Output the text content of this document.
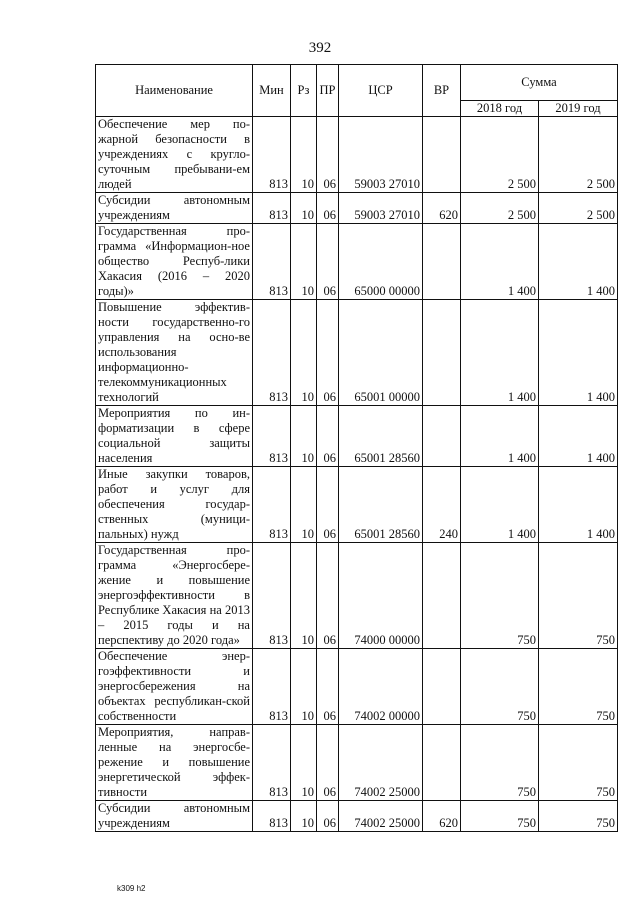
392
Наименование	Мин	Рз	ПР	ЦСР	ВР	Сумма	
						2018 год	2019 год
Обеспечение мер по-жарной безопасности в учреждениях с кругло-суточным пребывани-ем людей	813	10	06	59003 27010		2 500	2 500
Субсидии автономным учреждениям	813	10	06	59003 27010	620	2 500	2 500
Государственная про-грамма «Информацион-ное общество Респуб-лики Хакасия (2016 – 2020 годы)»	813	10	06	65000 00000		1 400	1 400
Повышение эффектив-ности государственно-го управления на осно-ве использования информационно-телекоммуникационных технологий	813	10	06	65001 00000		1 400	1 400
Мероприятия по ин-форматизации в сфере социальной защиты населения	813	10	06	65001 28560		1 400	1 400
Иные закупки товаров, работ и услуг для обеспечения государ-ственных (муници-пальных) нужд	813	10	06	65001 28560	240	1 400	1 400
Государственная про-грамма «Энергосбере-жение и повышение энергоэффективности в Республике Хакасия на 2013 – 2015 годы и на перспективу до 2020 года»	813	10	06	74000 00000		750	750
Обеспечение энер-гоэффективности и энергосбережения на объектах республикан-ской собственности	813	10	06	74002 00000		750	750
Мероприятия, направ-ленные на энергосбе-режение и повышение энергетической эффек-тивности	813	10	06	74002 25000		750	750
Субсидии автономным учреждениям	813	10	06	74002 25000	620	750	750
k309 h2
